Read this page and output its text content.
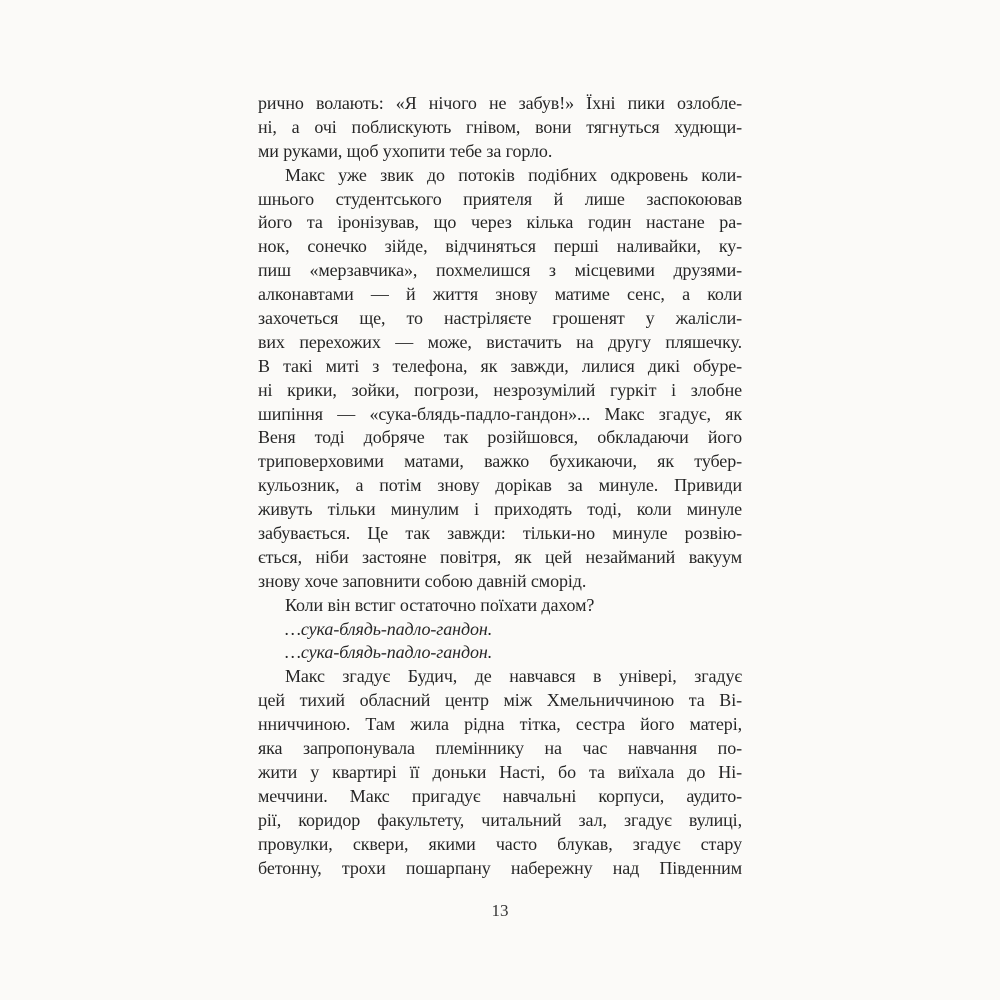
рично волають: «Я нічого не забув!» Їхні пики озлобле-
ні, а очі поблискують гнівом, вони тягнуться худющи-
ми руками, щоб ухопити тебе за горло.

Макс уже звик до потоків подібних одкровень коли-
шнього студентського приятеля й лише заспокоював
його та іронізував, що через кілька годин настане ра-
нок, сонечко зійде, відчиняться перші наливайки, ку-
пиш «мерзавчика», похмелишся з місцевими друзями-
алконавтами — й життя знову матиме сенс, а коли
захочеться ще, то настріляєте грошенят у жалісли-
вих перехожих — може, вистачить на другу пляшечку.
В такі миті з телефона, як завжди, лилися дикі обуре-
ні крики, зойки, погрози, незрозумілий гуркіт і злобне
шипіння — «сука-блядь-падло-гандон»... Макс згадує, як
Веня тоді добряче так розійшовся, обкладаючи його
триповерховими матами, важко бухикаючи, як тубер-
кульозник, а потім знову дорікав за минуле. Привиди
живуть тільки минулим і приходять тоді, коли минуле
забувається. Це так завжди: тільки-но минуле розвію-
ється, ніби застояне повітря, як цей незайманий вакуум
знову хоче заповнити собою давній сморід.

Коли він встиг остаточно поїхати дахом?

…сука-блядь-падло-гандон.

…сука-блядь-падло-гандон.

Макс згадує Будич, де навчався в універі, згадує
цей тихий обласний центр між Хмельниччиною та Ві-
нниччиною. Там жила рідна тітка, сестра його матері,
яка запропонувала племіннику на час навчання по-
жити у квартирі її доньки Насті, бо та виїхала до Ні-
меччини. Макс пригадує навчальні корпуси, аудито-
рії, коридор факультету, читальний зал, згадує вулиці,
провулки, сквери, якими часто блукав, згадує стару
бетонну, трохи пошарпану набережну над Південним

13
